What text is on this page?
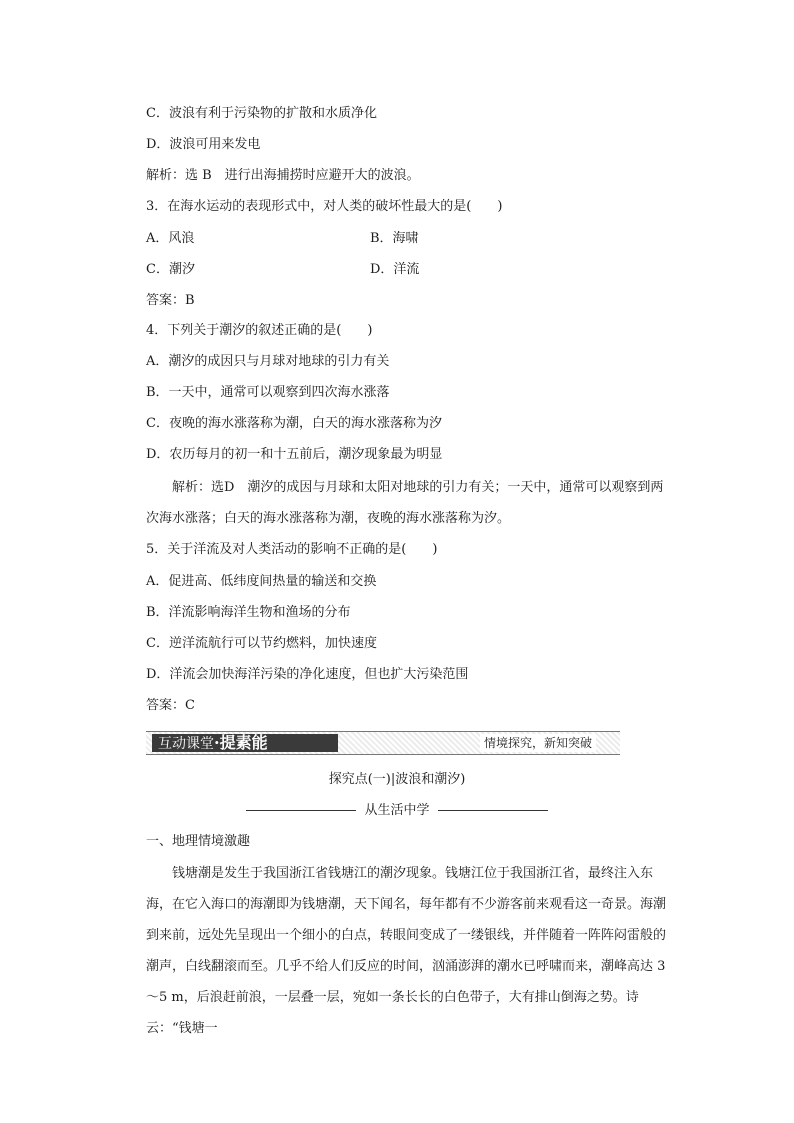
C．波浪有利于污染物的扩散和水质净化
D．波浪可用来发电
解析：选 B　进行出海捕捞时应避开大的波浪。
3．在海水运动的表现形式中，对人类的破坏性最大的是(　　)
A．风浪	B．海啸
C．潮汐	D．洋流
答案：B
4．下列关于潮汐的叙述正确的是(　　)
A．潮汐的成因只与月球对地球的引力有关
B．一天中，通常可以观察到四次海水涨落
C．夜晚的海水涨落称为潮，白天的海水涨落称为汐
D．农历每月的初一和十五前后，潮汐现象最为明显
解析：选D　潮汐的成因与月球和太阳对地球的引力有关；一天中，通常可以观察到两次海水涨落；白天的海水涨落称为潮，夜晚的海水涨落称为汐。
5．关于洋流及对人类活动的影响不正确的是(　　)
A．促进高、低纬度间热量的输送和交换
B．洋流影响海洋生物和渔场的分布
C．逆洋流航行可以节约燃料，加快速度
D．洋流会加快海洋污染的净化速度，但也扩大污染范围
答案：C
互动课堂·提素能	情境探究，新知突破
探究点(一)|波浪和潮汐)
从生活中学
一、地理情境激趣
钱塘潮是发生于我国浙江省钱塘江的潮汐现象。钱塘江位于我国浙江省，最终注入东海，在它入海口的海潮即为钱塘潮，天下闻名，每年都有不少游客前来观看这一奇景。海潮到来前，远处先呈现出一个细小的白点，转眼间变成了一缕银线，并伴随着一阵阵闷雷般的潮声，白线翻滚而至。几乎不给人们反应的时间，汹涌澎湃的潮水已呼啸而来，潮峰高达 3～5 m，后浪赶前浪，一层叠一层，宛如一条长长的白色带子，大有排山倒海之势。诗云：“钱塘一
